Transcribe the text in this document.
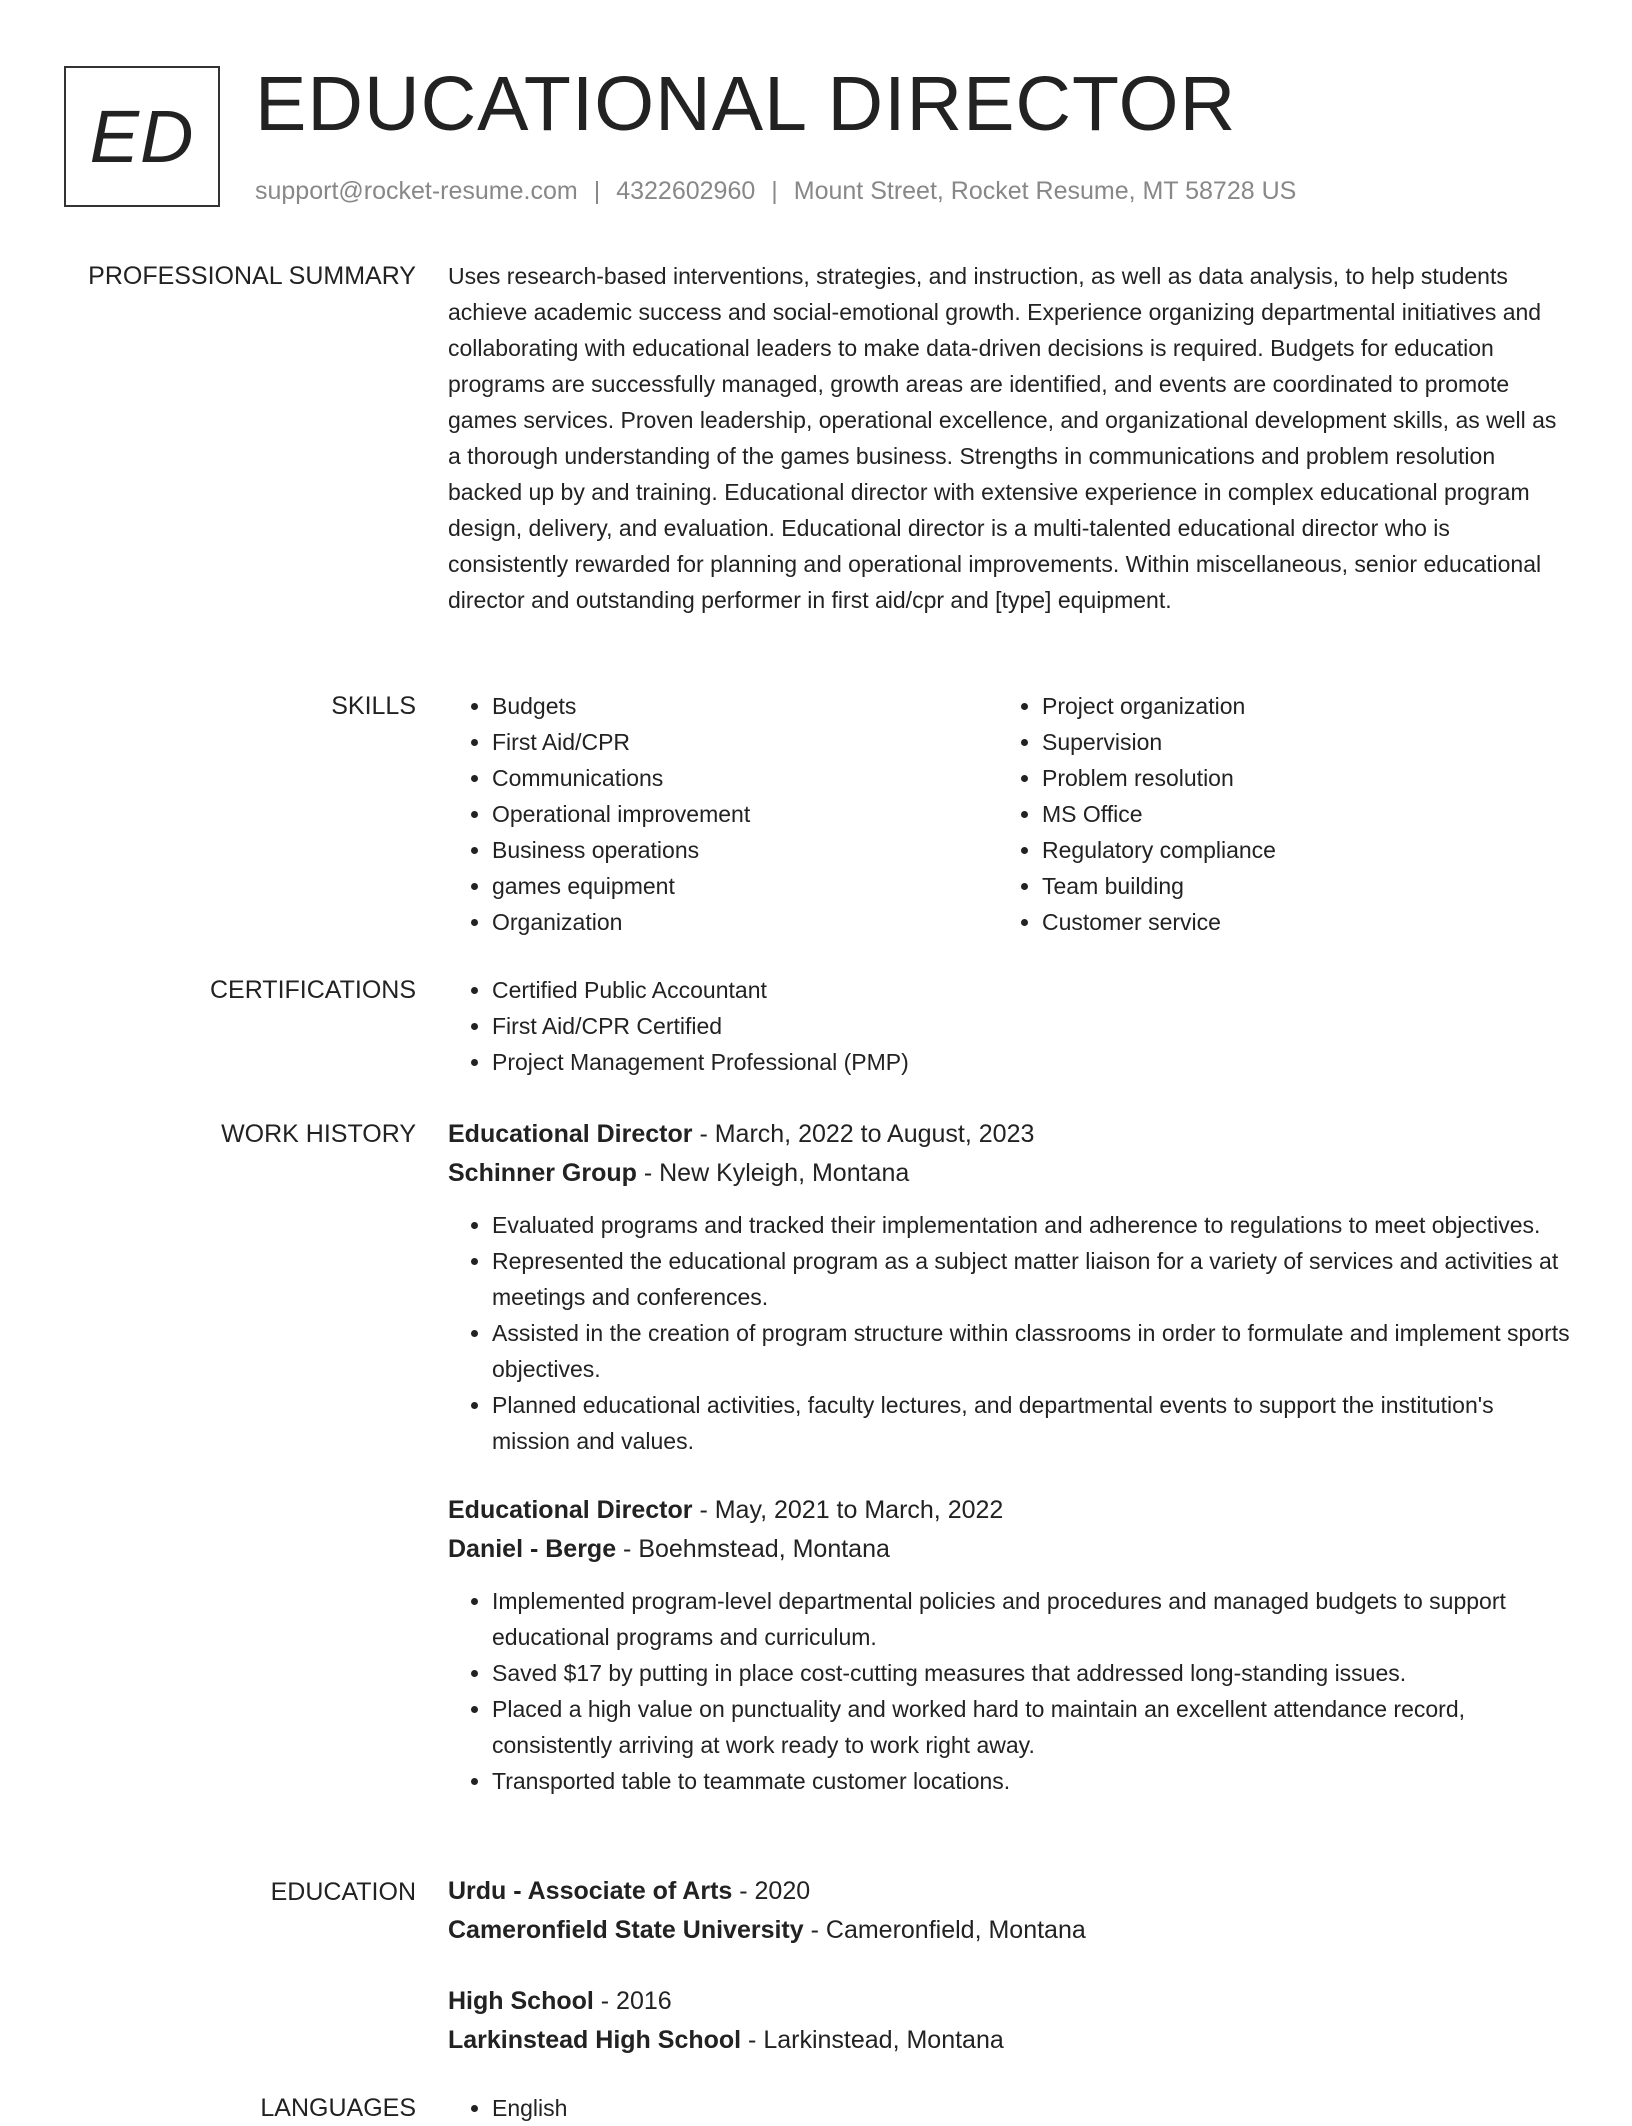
ED EDUCATIONAL DIRECTOR
support@rocket-resume.com | 4322602960 | Mount Street, Rocket Resume, MT 58728 US
PROFESSIONAL SUMMARY Uses research-based interventions, strategies, and instruction, as well as data analysis, to help students achieve academic success and social-emotional growth. Experience organizing departmental initiatives and collaborating with educational leaders to make data-driven decisions is required. Budgets for education programs are successfully managed, growth areas are identified, and events are coordinated to promote games services. Proven leadership, operational excellence, and organizational development skills, as well as a thorough understanding of the games business. Strengths in communications and problem resolution backed up by and training. Educational director with extensive experience in complex educational program design, delivery, and evaluation. Educational director is a multi-talented educational director who is consistently rewarded for planning and operational improvements. Within miscellaneous, senior educational director and outstanding performer in first aid/cpr and [type] equipment.

SKILLS	• Budgets
• First Aid/CPR
• Communications
• Operational improvement
• Business operations
• games equipment
• Organization
• Project organization
• Supervision
• Problem resolution
• MS Office
• Regulatory compliance
• Team building
• Customer service
CERTIFICATIONS	• Certified Public Accountant
• First Aid/CPR Certified
• Project Management Professional (PMP)
WORK HISTORY Educational Director - March, 2022 to August, 2023
Schinner Group - New Kyleigh, Montana
• Evaluated programs and tracked their implementation and adherence to regulations to meet objectives.
• Represented the educational program as a subject matter liaison for a variety of services and activities at meetings and conferences.
• Assisted in the creation of program structure within classrooms in order to formulate and implement sports objectives.
• Planned educational activities, faculty lectures, and departmental events to support the institution's mission and values.
Educational Director - May, 2021 to March, 2022
Daniel - Berge - Boehmstead, Montana
• Implemented program-level departmental policies and procedures and managed budgets to support educational programs and curriculum.
• Saved $17 by putting in place cost-cutting measures that addressed long-standing issues.
• Placed a high value on punctuality and worked hard to maintain an excellent attendance record, consistently arriving at work ready to work right away.
• Transported table to teammate customer locations.
EDUCATION Urdu - Associate of Arts - 2020
Cameronfield State University - Cameronfield, Montana
High School - 2016
Larkinstead High School - Larkinstead, Montana
LANGUAGES	• English
